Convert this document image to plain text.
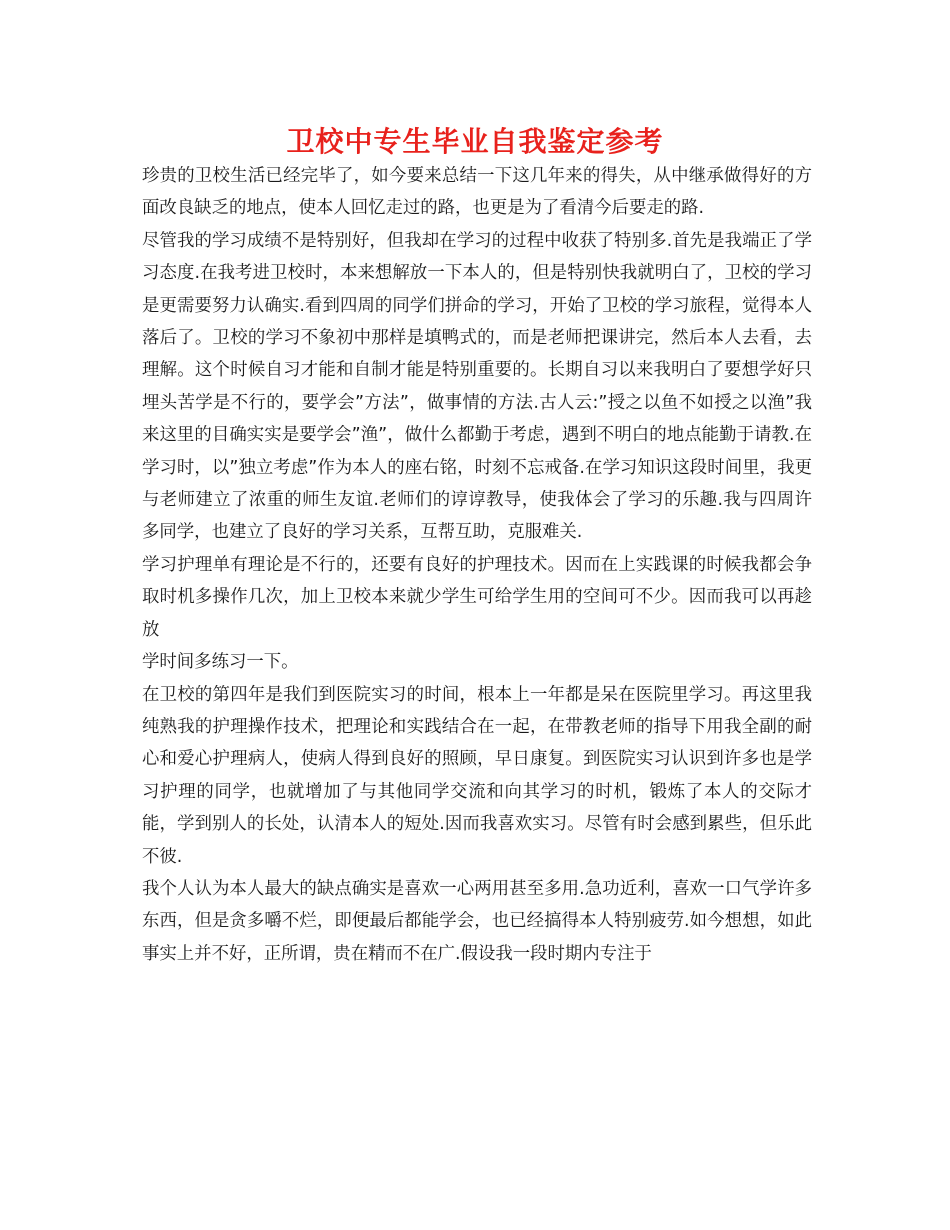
卫校中专生毕业自我鉴定参考

珍贵的卫校生活已经完毕了，如今要来总结一下这几年来的得失，从中继承做得好的方面改良缺乏的地点，使本人回忆走过的路，也更是为了看清今后要走的路.

尽管我的学习成绩不是特别好，但我却在学习的过程中收获了特别多.首先是我端正了学习态度.在我考进卫校时，本来想解放一下本人的，但是特别快我就明白了，卫校的学习是更需要努力认确实.看到四周的同学们拼命的学习，开始了卫校的学习旅程，觉得本人落后了。卫校的学习不象初中那样是填鸭式的，而是老师把课讲完，然后本人去看，去理解。这个时候自习才能和自制才能是特别重要的。长期自习以来我明白了要想学好只埋头苦学是不行的，要学会”方法”，做事情的方法.古人云:”授之以鱼不如授之以渔”我来这里的目确实实是要学会”渔”，做什么都勤于考虑，遇到不明白的地点能勤于请教.在学习时，以”独立考虑”作为本人的座右铭，时刻不忘戒备.在学习知识这段时间里，我更与老师建立了浓重的师生友谊.老师们的谆谆教导，使我体会了学习的乐趣.我与四周许多同学，也建立了良好的学习关系，互帮互助，克服难关.

学习护理单有理论是不行的，还要有良好的护理技术。因而在上实践课的时候我都会争取时机多操作几次，加上卫校本来就少学生可给学生用的空间可不少。因而我可以再趁放

学时间多练习一下。

在卫校的第四年是我们到医院实习的时间，根本上一年都是呆在医院里学习。再这里我纯熟我的护理操作技术，把理论和实践结合在一起，在带教老师的指导下用我全副的耐心和爱心护理病人，使病人得到良好的照顾，早日康复。到医院实习认识到许多也是学习护理的同学，也就增加了与其他同学交流和向其学习的时机，锻炼了本人的交际才能，学到别人的长处，认清本人的短处.因而我喜欢实习。尽管有时会感到累些，但乐此不彼.

我个人认为本人最大的缺点确实是喜欢一心两用甚至多用.急功近利，喜欢一口气学许多东西，但是贪多嚼不烂，即便最后都能学会，也已经搞得本人特别疲劳.如今想想，如此事实上并不好，正所谓，贵在精而不在广.假设我一段时期内专注于
